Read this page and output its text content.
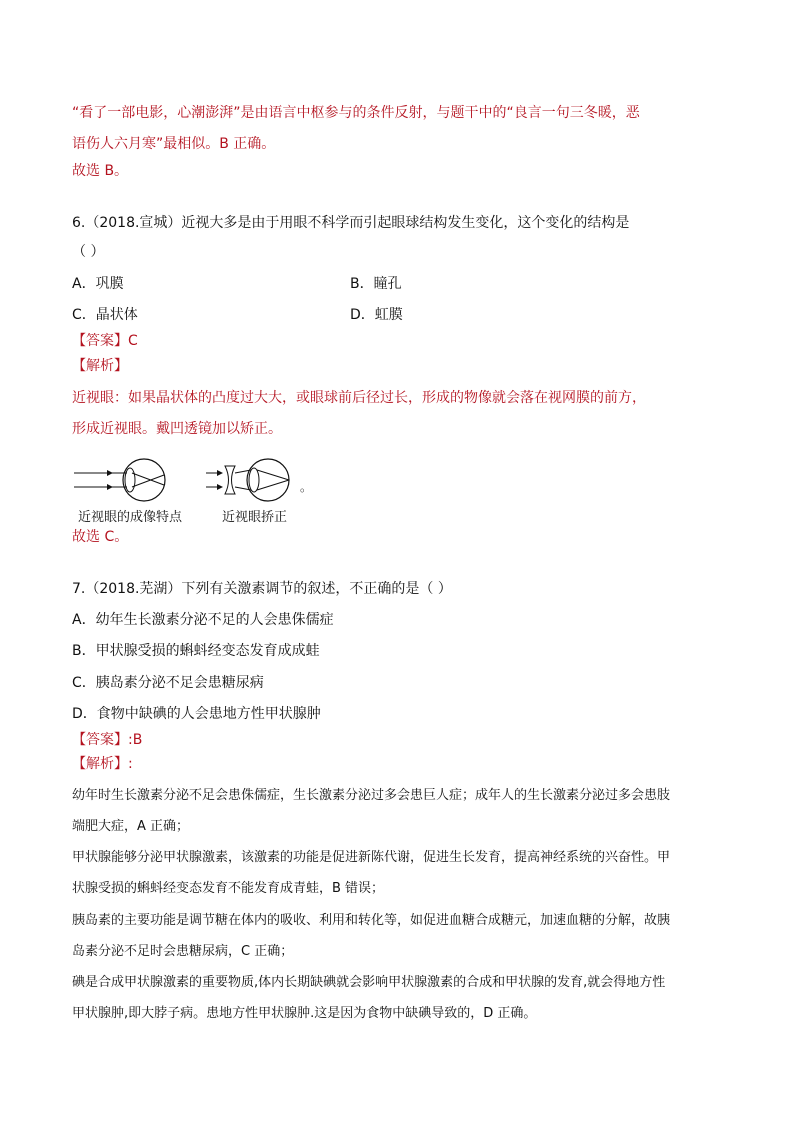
“看了一部电影，心潮澎湃”是由语言中枢参与的条件反射，与题干中的“良言一句三冬暖，恶
语伤人六月寒”最相似。B 正确。
故选 B。
6.（2018.宣城）近视大多是由于用眼不科学而引起眼球结构发生变化，这个变化的结构是
（ ）
A．巩膜	B．瞳孔
C．晶状体	D．虹膜
【答案】C
【解析】
近视眼：如果晶状体的凸度过大大，或眼球前后径过长，形成的物像就会落在视网膜的前方，
形成近视眼。戴凹透镜加以矫正。
。
近视眼的成像特点	近视眼挢正
故选 C。
7.（2018.芜湖）下列有关激素调节的叙述，不正确的是（ ）
A．幼年生长激素分泌不足的人会患侏儒症
B．甲状腺受损的蝌蚪经变态发育成成蛙
C．胰岛素分泌不足会患糖尿病
D．食物中缺碘的人会患地方性甲状腺肿
【答案】:B
【解析】:
幼年时生长激素分泌不足会患侏儒症，生长激素分泌过多会患巨人症；成年人的生长激素分泌过多会患肢
端肥大症，A 正确；
甲状腺能够分泌甲状腺激素，该激素的功能是促进新陈代谢，促进生长发育，提高神经系统的兴奋性。甲
状腺受损的蝌蚪经变态发育不能发育成青蛙，B 错误；
胰岛素的主要功能是调节糖在体内的吸收、利用和转化等，如促进血糖合成糖元，加速血糖的分解，故胰
岛素分泌不足时会患糖尿病，C 正确；
碘是合成甲状腺激素的重要物质,体内长期缺碘就会影响甲状腺激素的合成和甲状腺的发育,就会得地方性
甲状腺肿,即大脖子病。患地方性甲状腺肿.这是因为食物中缺碘导致的，D 正确。
